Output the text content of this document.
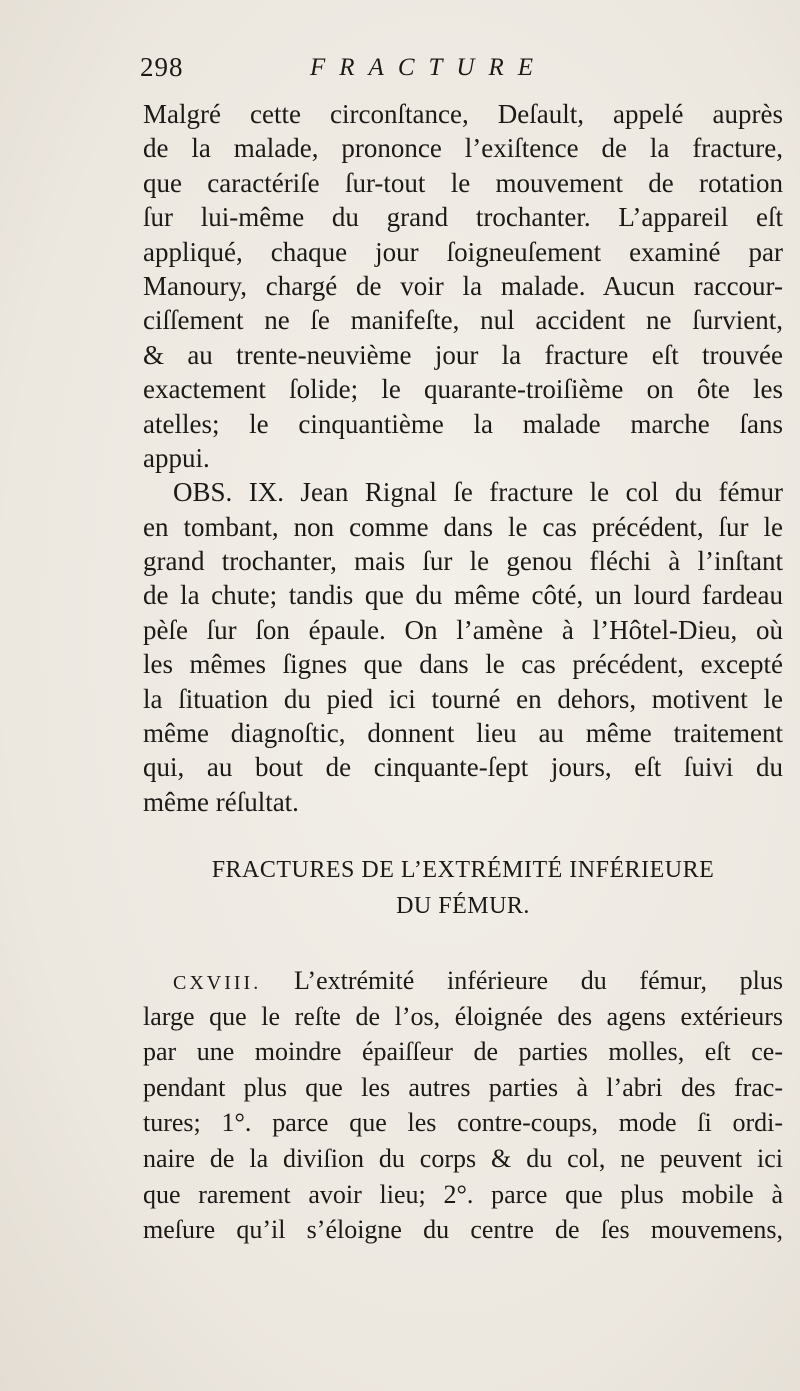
298	FRACTURE
Malgré cette circonſtance, Deſault, appelé auprès
de la malade, prononce l’exiſtence de la fracture,
que caractériſe ſur-tout le mouvement de rotation
ſur lui-même du grand trochanter. L’appareil eſt
appliqué, chaque jour ſoigneuſement examiné par
Manoury, chargé de voir la malade. Aucun raccour-
ciſſement ne ſe manifeſte, nul accident ne ſurvient,
& au trente-neuvième jour la fracture eſt trouvée
exactement ſolide; le quarante-troiſième on ôte les
atelles; le cinquantième la malade marche ſans
appui.
OBS. IX. Jean Rignal ſe fracture le col du fémur
en tombant, non comme dans le cas précédent, ſur le
grand trochanter, mais ſur le genou fléchi à l’inſtant
de la chute; tandis que du même côté, un lourd fardeau
pèſe ſur ſon épaule. On l’amène à l’Hôtel-Dieu, où
les mêmes ſignes que dans le cas précédent, excepté
la ſituation du pied ici tourné en dehors, motivent le
même diagnoſtic, donnent lieu au même traitement
qui, au bout de cinquante-ſept jours, eſt ſuivi du
même réſultat.
FRACTURES DE L’EXTRÉMITÉ INFÉRIEURE
DU FÉMUR.
CXVIII. L’extrémité inférieure du fémur, plus
large que le reſte de l’os, éloignée des agens extérieurs
par une moindre épaiſſeur de parties molles, eſt ce-
pendant plus que les autres parties à l’abri des frac-
tures; 1°. parce que les contre-coups, mode ſi ordi-
naire de la diviſion du corps & du col, ne peuvent ici
que rarement avoir lieu; 2°. parce que plus mobile à
meſure qu’il s’éloigne du centre de ſes mouvemens,
